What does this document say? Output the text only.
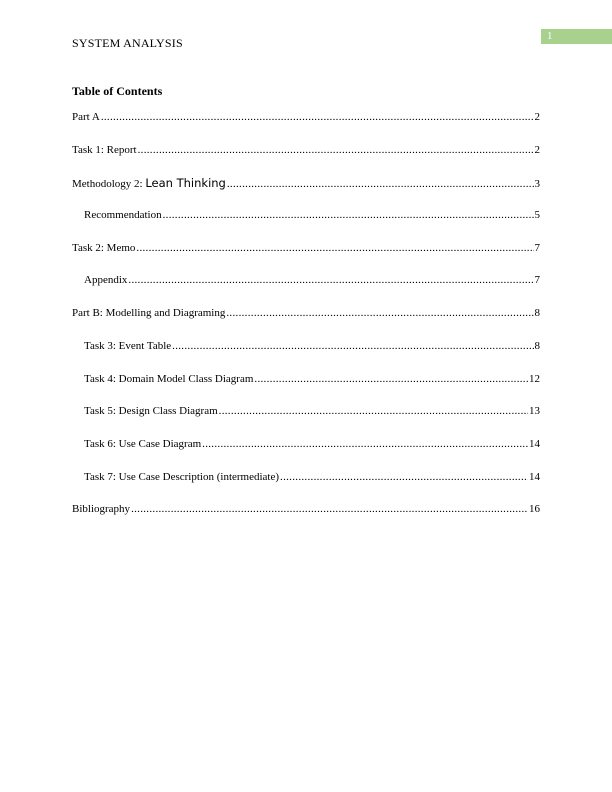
SYSTEM ANALYSIS	1
Table of Contents
Part A .....	2
Task 1: Report .....	2
Methodology 2: Lean Thinking .....	3
Recommendation .....	5
Task 2: Memo .....	7
Appendix .....	7
Part B: Modelling and Diagraming .....	8
Task 3: Event Table .....	8
Task 4: Domain Model Class Diagram .....	12
Task 5: Design Class Diagram .....	13
Task 6: Use Case Diagram .....	14
Task 7: Use Case Description (intermediate) .....	14
Bibliography .....	16
